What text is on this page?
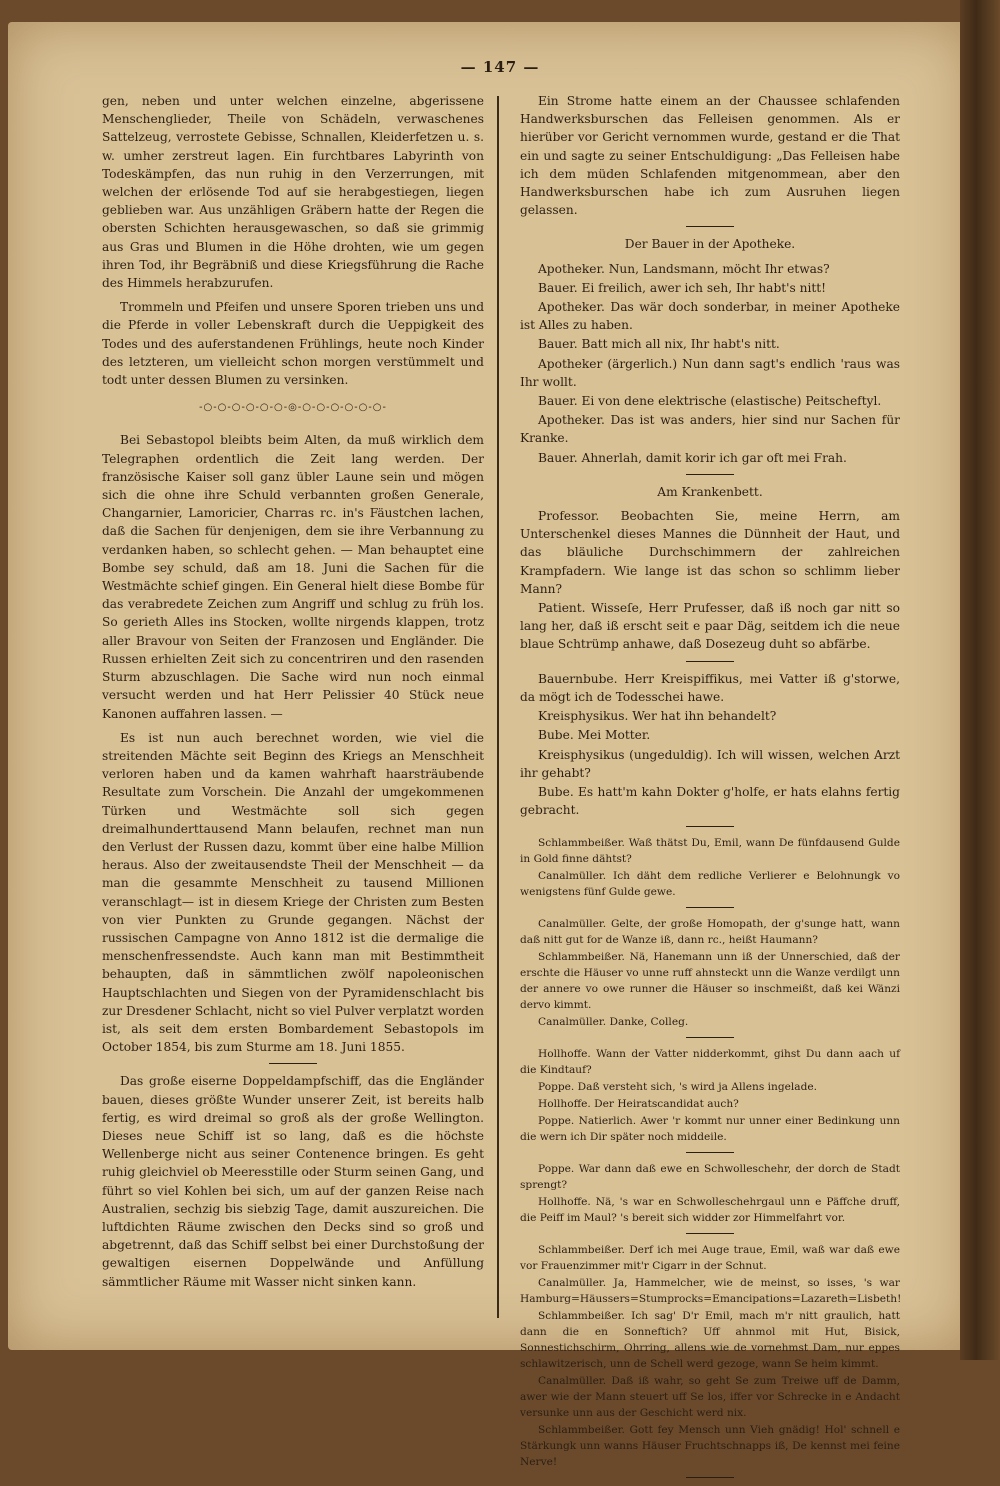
— 147 —

gen, neben und unter welchen einzelne, abgerissene Menschenglieder, Theile von Schädeln, verwaschenes Sattelzeug, verrostete Gebisse, Schnallen, Kleiderfetzen u. s. w. umher zerstreut lagen. Ein furchtbares Labyrinth von Todeskämpfen, das nun ruhig in den Verzerrungen, mit welchen der erlösende Tod auf sie herabgestiegen, liegen geblieben war. Aus unzähligen Gräbern hatte der Regen die obersten Schichten herausgewaschen, so daß sie grimmig aus Gras und Blumen in die Höhe drohten, wie um gegen ihren Tod, ihr Begräbniß und diese Kriegsführung die Rache des Himmels herabzurufen.

Trommeln und Pfeifen und unsere Sporen trieben uns und die Pferde in voller Lebenskraft durch die Ueppigkeit des Todes und des auferstandenen Frühlings, heute noch Kinder des letzteren, um vielleicht schon morgen verstümmelt und todt unter dessen Blumen zu versinken.

-○-○-○-○-○-○-◎-○-○-○-○-○-○-

Bei Sebastopol bleibts beim Alten, da muß wirklich dem Telegraphen ordentlich die Zeit lang werden. Der französische Kaiser soll ganz übler Laune sein und mögen sich die ohne ihre Schuld verbannten großen Generale, Changarnier, Lamoricier, Charras rc. in's Fäustchen lachen, daß die Sachen für denjenigen, dem sie ihre Verbannung zu verdanken haben, so schlecht gehen. — Man behauptet eine Bombe sey schuld, daß am 18. Juni die Sachen für die Westmächte schief gingen. Ein General hielt diese Bombe für das verabredete Zeichen zum Angriff und schlug zu früh los. So gerieth Alles ins Stocken, wollte nirgends klappen, trotz aller Bravour von Seiten der Franzosen und Engländer. Die Russen erhielten Zeit sich zu concentriren und den rasenden Sturm abzuschlagen. Die Sache wird nun noch einmal versucht werden und hat Herr Pelissier 40 Stück neue Kanonen auffahren lassen. —

Es ist nun auch berechnet worden, wie viel die streitenden Mächte seit Beginn des Kriegs an Menschheit verloren haben und da kamen wahrhaft haarsträubende Resultate zum Vorschein. Die Anzahl der umgekommenen Türken und Westmächte soll sich gegen dreimalhunderttausend Mann belaufen, rechnet man nun den Verlust der Russen dazu, kommt über eine halbe Million heraus. Also der zweitausendste Theil der Menschheit — da man die gesammte Menschheit zu tausend Millionen veranschlagt— ist in diesem Kriege der Christen zum Besten von vier Punkten zu Grunde gegangen. Nächst der russischen Campagne von Anno 1812 ist die dermalige die menschenfressendste. Auch kann man mit Bestimmtheit behaupten, daß in sämmtlichen zwölf napoleonischen Hauptschlachten und Siegen von der Pyramidenschlacht bis zur Dresdener Schlacht, nicht so viel Pulver verplatzt worden ist, als seit dem ersten Bombardement Sebastopols im October 1854, bis zum Sturme am 18. Juni 1855.

Das große eiserne Doppeldampfschiff, das die Engländer bauen, dieses größte Wunder unserer Zeit, ist bereits halb fertig, es wird dreimal so groß als der große Wellington. Dieses neue Schiff ist so lang, daß es die höchste Wellenberge nicht aus seiner Contenence bringen. Es geht ruhig gleichviel ob Meeresstille oder Sturm seinen Gang, und führt so viel Kohlen bei sich, um auf der ganzen Reise nach Australien, sechzig bis siebzig Tage, damit auszureichen. Die luftdichten Räume zwischen den Decks sind so groß und abgetrennt, daß das Schiff selbst bei einer Durchstoßung der gewaltigen eisernen Doppelwände und Anfüllung sämmtlicher Räume mit Wasser nicht sinken kann.

Ein Strome hatte einem an der Chaussee schlafenden Handwerksburschen das Felleisen genommen. Als er hierüber vor Gericht vernommen wurde, gestand er die That ein und sagte zu seiner Entschuldigung: „Das Felleisen habe ich dem müden Schlafenden mitgenommean, aber den Handwerksburschen habe ich zum Ausruhen liegen gelassen.

Der Bauer in der Apotheke.

Apotheker. Nun, Landsmann, möcht Ihr etwas?

Bauer. Ei freilich, awer ich seh, Ihr habt's nitt!

Apotheker. Das wär doch sonderbar, in meiner Apotheke ist Alles zu haben.

Bauer. Batt mich all nix, Ihr habt's nitt.

Apotheker (ärgerlich.) Nun dann sagt's endlich 'raus was Ihr wollt.

Bauer. Ei von dene elektrische (elastische) Peitscheftyl.

Apotheker. Das ist was anders, hier sind nur Sachen für Kranke.

Bauer. Ahnerlah, damit korir ich gar oft mei Frah.

Am Krankenbett.

Professor. Beobachten Sie, meine Herrn, am Unterschenkel dieses Mannes die Dünnheit der Haut, und das bläuliche Durchschimmern der zahlreichen Krampfadern. Wie lange ist das schon so schlimm lieber Mann?

Patient. Wisseſe, Herr Prufesser, daß iß noch gar nitt so lang her, daß iß erscht seit e paar Däg, seitdem ich die neue blaue Schtrümp anhawe, daß Dosezeug duht so abfärbe.

Bauernbube. Herr Kreispiffikus, mei Vatter iß g'storwe, da mögt ich de Todesschei hawe.

Kreisphysikus. Wer hat ihn behandelt?

Bube. Mei Motter.

Kreisphysikus (ungeduldig). Ich will wissen, welchen Arzt ihr gehabt?

Bube. Es hatt'm kahn Dokter g'holfe, er hats elahns fertig gebracht.

Schlammbeißer. Waß thätst Du, Emil, wann De fünfdausend Gulde in Gold finne dähtst?

Canalmüller. Ich däht dem redliche Verlierer e Belohnungk vo wenigstens fünf Gulde gewe.

Canalmüller. Gelte, der große Homopath, der g'sunge hatt, wann daß nitt gut for de Wanze iß, dann rc., heißt Haumann?

Schlammbeißer. Nä, Hanemann unn iß der Unnerschied, daß der erschte die Häuser vo unne ruff ahnsteckt unn die Wanze verdilgt unn der annere vo owe runner die Häuser so inschmeißt, daß kei Wänzi dervo kimmt.

Canalmüller. Danke, Colleg.

Hollhoffe. Wann der Vatter nidderkommt, gihst Du dann aach uf die Kindtauf?

Poppe. Daß versteht sich, 's wird ja Allens ingelade.

Hollhoffe. Der Heiratscandidat auch?

Poppe. Natierlich. Awer 'r kommt nur unner einer Bedinkung unn die wern ich Dir später noch middeile.

Poppe. War dann daß ewe en Schwolleschehr, der dorch de Stadt sprengt?

Hollhoffe. Nä, 's war en Schwolleschehrgaul unn e Päffche druff, die Peiff im Maul? 's bereit sich widder zor Himmelfahrt vor.

Schlammbeißer. Derf ich mei Auge traue, Emil, waß war daß ewe vor Frauenzimmer mit'r Cigarr in der Schnut.

Canalmüller. Ja, Hammelcher, wie de meinst, so isses, 's war Hamburg=Häussers=Stumprocks=Emancipations=Lazareth=Lisbeth!

Schlammbeißer. Ich sag' D'r Emil, mach m'r nitt graulich, hatt dann die en Sonneftich? Uff ahnmol mit Hut, Bisick, Sonnestichschirm, Ohrring, allens wie de vornehmst Dam, nur eppes schlawitzerisch, unn de Schell werd gezoge, wann Se heim kimmt.

Canalmüller. Daß iß wahr, so geht Se zum Treiwe uff de Damm, awer wie der Mann steuert uff Se los, iffer vor Schrecke in e Andacht versunke unn aus der Geschicht werd nix.

Schlammbeißer. Gott fey Mensch unn Vieh gnädig! Hol' schnell e Stärkungk unn wanns Häuser Fruchtschnapps iß, De kennst mei feine Nerve!
